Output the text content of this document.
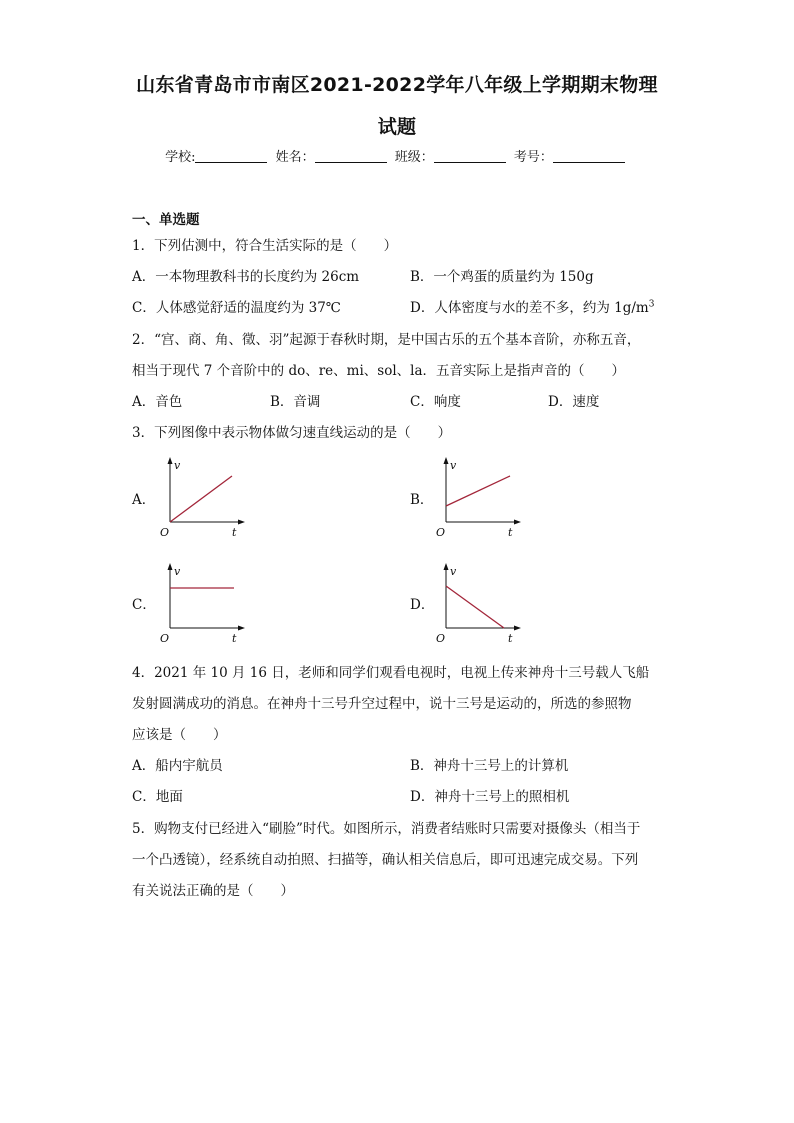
山东省青岛市市南区2021-2022学年八年级上学期期末物理
试题
学校:	姓名：	班级：	考号：
一、单选题
1．下列估测中，符合生活实际的是（　　）
A．一本物理教科书的长度约为 26cm	B．一个鸡蛋的质量约为 150g
C．人体感觉舒适的温度约为 37℃	D．人体密度与水的差不多，约为 $1g/m^3$
2．“宫、商、角、徵、羽”起源于春秋时期，是中国古乐的五个基本音阶，亦称五音，
相当于现代 7 个音阶中的 do、re、mi、sol、la．五音实际上是指声音的（　　）
A．音色	B．音调	C．响度	D．速度
3．下列图像中表示物体做匀速直线运动的是（　　）
A．
v
O	t
B．
v
O	t
C．
v
O	t
D．
v
O	t
4．2021 年 10 月 16 日，老师和同学们观看电视时，电视上传来神舟十三号载人飞船
发射圆满成功的消息。在神舟十三号升空过程中，说十三号是运动的，所选的参照物
应该是（　　）
A．船内宇航员	B．神舟十三号上的计算机
C．地面	D．神舟十三号上的照相机
5．购物支付已经进入“刷脸”时代。如图所示，消费者结账时只需要对摄像头（相当于
一个凸透镜），经系统自动拍照、扫描等，确认相关信息后，即可迅速完成交易。下列
有关说法正确的是（　　）
